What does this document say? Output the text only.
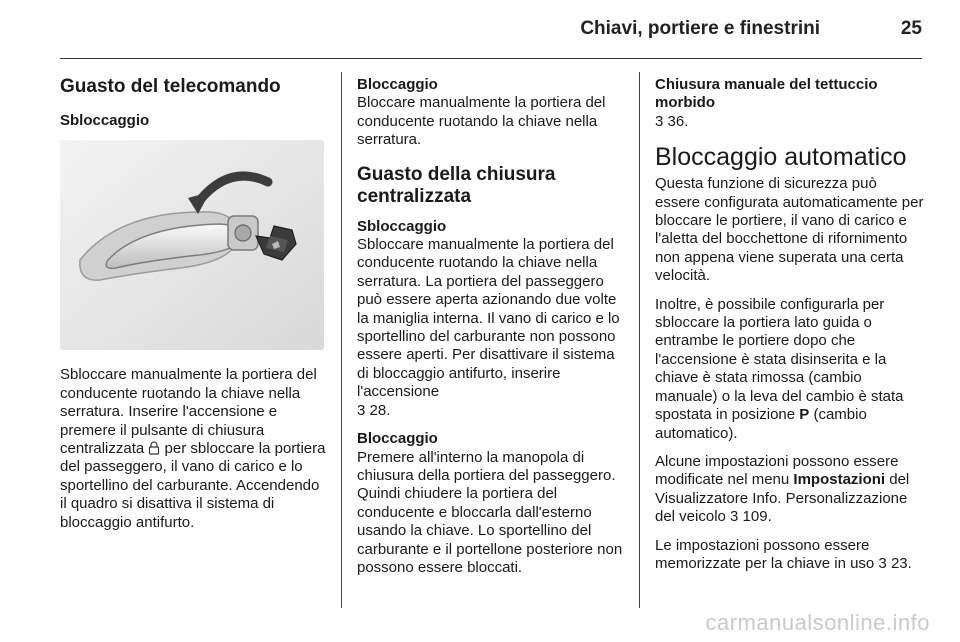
Chiavi, portiere e finestrini	25
Guasto del telecomando
Sbloccaggio

Sbloccare manualmente la portiera del conducente ruotando la chiave nella serratura. Inserire l'accensione e premere il pulsante di chiusura centralizzata  per sbloccare la portiera del passeggero, il vano di carico e lo sportellino del carburante. Accendendo il quadro si disattiva il sistema di bloccaggio antifurto.

Bloccaggio

Bloccare manualmente la portiera del conducente ruotando la chiave nella serratura.

Guasto della chiusura centralizzata
Sbloccaggio

Sbloccare manualmente la portiera del conducente ruotando la chiave nella serratura. La portiera del passeggero può essere aperta azionando due volte la maniglia interna. Il vano di carico e lo sportellino del carburante non possono essere aperti. Per disattivare il sistema di bloccaggio antifurto, inserire l'accensione
3 28.

Bloccaggio

Premere all'interno la manopola di chiusura della portiera del passeggero. Quindi chiudere la portiera del conducente e bloccarla dall'esterno usando la chiave. Lo sportellino del carburante e il portellone posteriore non possono essere bloccati.

Chiusura manuale del tettuccio morbido

3 36.

Bloccaggio automatico

Questa funzione di sicurezza può essere configurata automaticamente per bloccare le portiere, il vano di carico e l'aletta del bocchettone di rifornimento non appena viene superata una certa velocità.

Inoltre, è possibile configurarla per sbloccare la portiera lato guida o entrambe le portiere dopo che l'accensione è stata disinserita e la chiave è stata rimossa (cambio manuale) o la leva del cambio è stata spostata in posizione P (cambio automatico).

Alcune impostazioni possono essere modificate nel menu Impostazioni del Visualizzatore Info. Personalizzazione del veicolo 3 109.

Le impostazioni possono essere memorizzate per la chiave in uso 3 23.

carmanualsonline.info
